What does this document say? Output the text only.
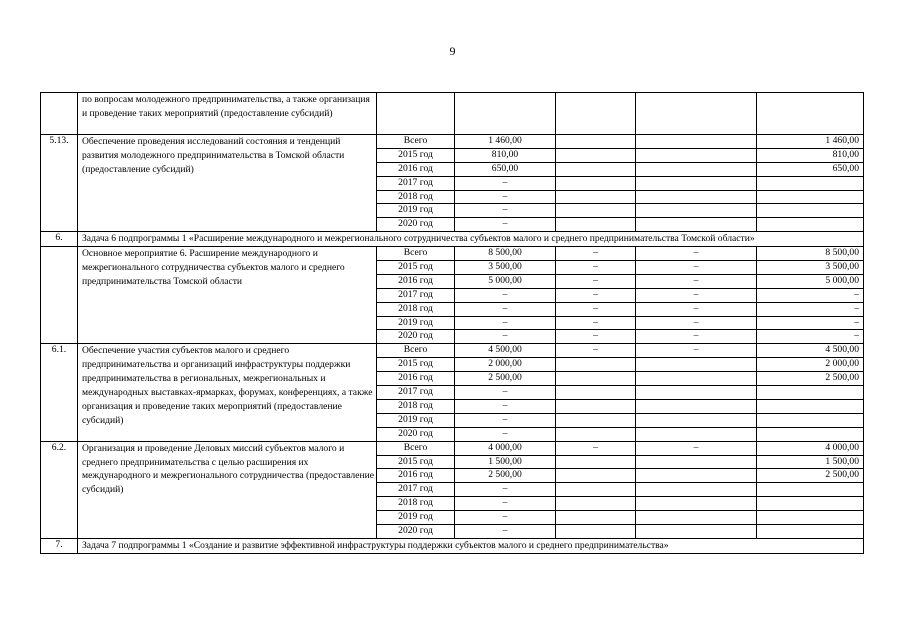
9
	по вопросам молодежного предпринимательства, а также организация и проведение таких мероприятий (предоставление субсидий)					
5.13.	Обеспечение проведения исследований состояния и тенденций развития молодежного предпринимательства в Томской области (предоставление субсидий)	Всего	1 460,00			1 460,00
		2015 год	810,00			810,00
		2016 год	650,00			650,00
		2017 год	–			
		2018 год	–			
		2019 год	–			
		2020 год	–			
6.	Задача 6 подпрограммы 1 «Расширение международного и межрегионального сотрудничества субъектов малого и среднего предпринимательства Томской области»					
	Основное мероприятие 6. Расширение международного и межрегионального сотрудничества субъектов малого и среднего предпринимательства Томской области	Всего	8 500,00	–	–	8 500,00
		2015 год	3 500,00	–	–	3 500,00
		2016 год	5 000,00	–	–	5 000,00
		2017 год	–	–	–	–
		2018 год	–	–	–	–
		2019 год	–	–	–	–
		2020 год	–	–	–	–
6.1.	Обеспечение участия субъектов малого и среднего предпринимательства и организаций инфраструктуры поддержки предпринимательства в региональных, межрегиональных и международных выставках-ярмарках, форумах, конференциях, а также организация и проведение таких мероприятий (предоставление субсидий)	Всего	4 500,00	–	–	4 500,00
		2015 год	2 000,00			2 000,00
		2016 год	2 500,00			2 500,00
		2017 год	–			
		2018 год	–			
		2019 год	–			
		2020 год	–			
6.2.	Организация и проведение Деловых миссий субъектов малого и среднего предпринимательства с целью расширения их международного и межрегионального сотрудничества (предоставление субсидий)	Всего	4 000,00	–	–	4 000,00
		2015 год	1 500,00			1 500,00
		2016 год	2 500,00			2 500,00
		2017 год	–			
		2018 год	–			
		2019 год	–			
		2020 год	–			
7.	Задача 7 подпрограммы 1 «Создание и развитие эффективной инфраструктуры поддержки субъектов малого и среднего предпринимательства»					
